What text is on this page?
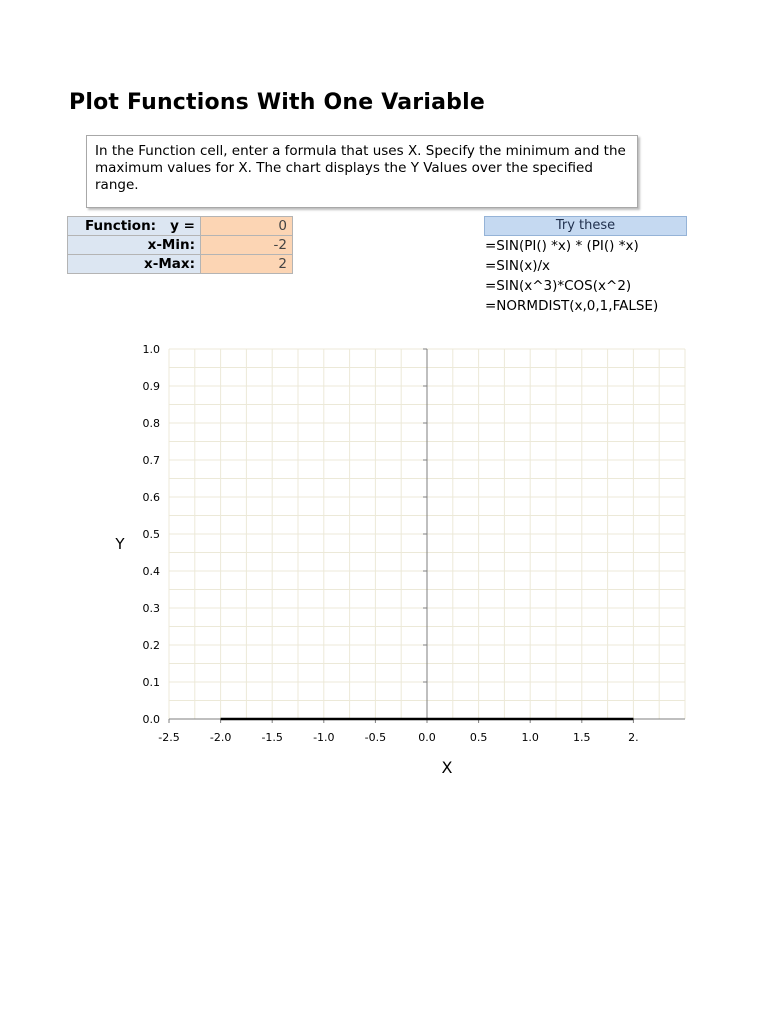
Plot Functions With One Variable
In the Function cell, enter a formula that uses X. Specify the minimum and the maximum values for X. The chart displays the Y Values over the specified range.
Function:   y =	0
x-Min:	-2
x-Max:	2
Try these
=SIN(PI() *x) * (PI() *x)
=SIN(x)/x
=SIN(x^3)*COS(x^2)
=NORMDIST(x,0,1,FALSE)
0.0
0.1
0.2
0.3
0.4
0.5
0.6
0.7
0.8
0.9
1.0
-2.5	-2.0	-1.5	-1.0	-0.5	0.0	0.5	1.0	1.5	2.
X
Y
